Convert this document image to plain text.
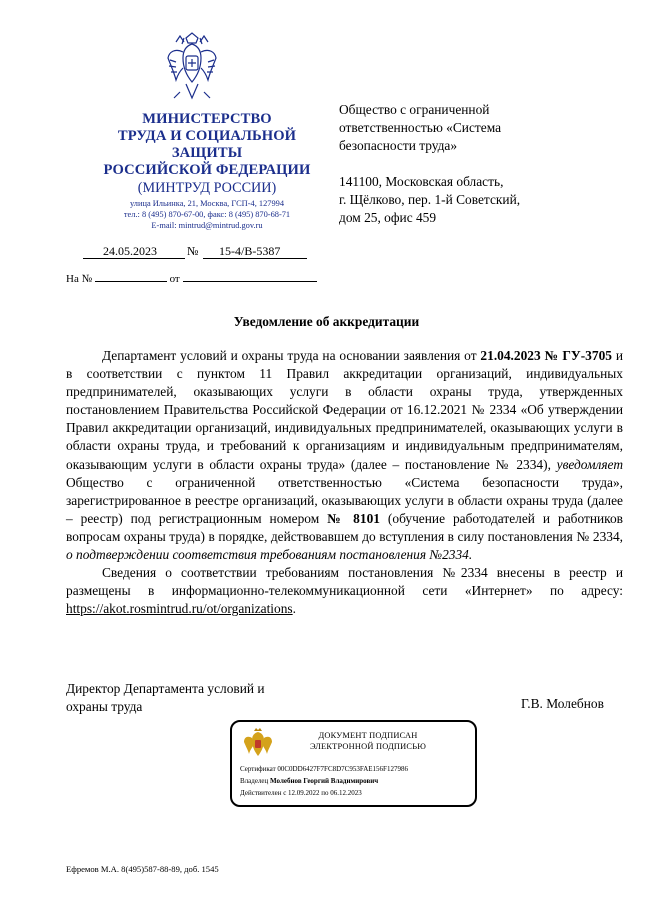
МИНИСТЕРСТВО
ТРУДА И СОЦИАЛЬНОЙ
ЗАЩИТЫ
РОССИЙСКОЙ ФЕДЕРАЦИИ
(МИНТРУД РОССИИ)
улица Ильинка, 21, Москва, ГСП-4, 127994
тел.: 8 (495) 870-67-00, факс: 8 (495) 870-68-71
E-mail: mintrud@mintrud.gov.ru
24.05.2023	№ 15-4/В-5387
На №	от

Общество с ограниченной

ответственностью «Система

безопасности труда»

141100, Московская область,

г. Щёлково, пер. 1-й Советский,

дом 25, офис 459

Уведомление об аккредитации

Департамент условий и охраны труда на основании заявления от 21.04.2023 № ГУ-3705 и в соответствии с пунктом 11 Правил аккредитации организаций, индивидуальных предпринимателей, оказывающих услуги в области охраны труда, утвержденных постановлением Правительства Российской Федерации от 16.12.2021 № 2334 «Об утверждении Правил аккредитации организаций, индивидуальных предпринимателей, оказывающих услуги в области охраны труда, и требований к организациям и индивидуальным предпринимателям, оказывающим услуги в области охраны труда» (далее – постановление № 2334), уведомляет Общество с ограниченной ответственностью «Система безопасности труда», зарегистрированное в реестре организаций, оказывающих услуги в области охраны труда (далее – реестр) под регистрационным номером № 8101 (обучение работодателей и работников вопросам охраны труда) в порядке, действовавшем до вступления в силу постановления № 2334, о подтверждении соответствия требованиям постановления №2334.

Сведения о соответствии требованиям постановления №2334 внесены в реестр и размещены в информационно-телекоммуникационной сети «Интернет» по адресу: https://akot.rosmintrud.ru/ot/organizations.

Директор Департамента условий и
охраны труда	Г.В. Молебнов
ДОКУМЕНТ ПОДПИСАН
ЭЛЕКТРОННОЙ ПОДПИСЬЮ
Сертификат 00C0DD6427F7FC8D7C953FAE156F127986
Владелец Молебнов Георгий Владимирович
Действителен с 12.09.2022 по 06.12.2023
Ефремов М.А. 8(495)587-88-89, доб. 1545
